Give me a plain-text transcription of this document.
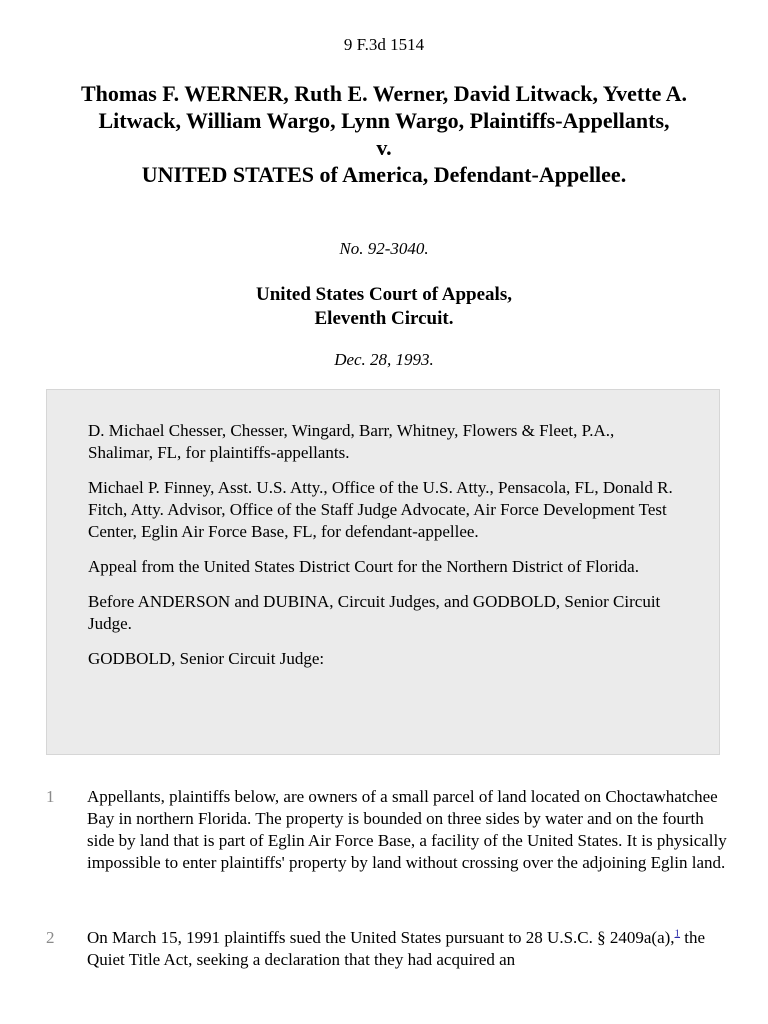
9 F.3d 1514
Thomas F. WERNER, Ruth E. Werner, David Litwack, Yvette A.
Litwack, William Wargo, Lynn Wargo, Plaintiffs-Appellants,
v.
UNITED STATES of America, Defendant-Appellee.
No. 92-3040.
United States Court of Appeals,
Eleventh Circuit.
Dec. 28, 1993.

D. Michael Chesser, Chesser, Wingard, Barr, Whitney, Flowers & Fleet, P.A., Shalimar, FL, for plaintiffs-appellants.

Michael P. Finney, Asst. U.S. Atty., Office of the U.S. Atty., Pensacola, FL, Donald R. Fitch, Atty. Advisor, Office of the Staff Judge Advocate, Air Force Development Test Center, Eglin Air Force Base, FL, for defendant-appellee.

Appeal from the United States District Court for the Northern District of Florida.

Before ANDERSON and DUBINA, Circuit Judges, and GODBOLD, Senior Circuit Judge.

GODBOLD, Senior Circuit Judge:

1 Appellants, plaintiffs below, are owners of a small parcel of land located on Choctawhatchee Bay in northern Florida. The property is bounded on three sides by water and on the fourth side by land that is part of Eglin Air Force Base, a facility of the United States. It is physically impossible to enter plaintiffs' property by land without crossing over the adjoining Eglin land.
2 On March 15, 1991 plaintiffs sued the United States pursuant to 28 U.S.C. § 2409a(a),$^1$ the Quiet Title Act, seeking a declaration that they had acquired an
